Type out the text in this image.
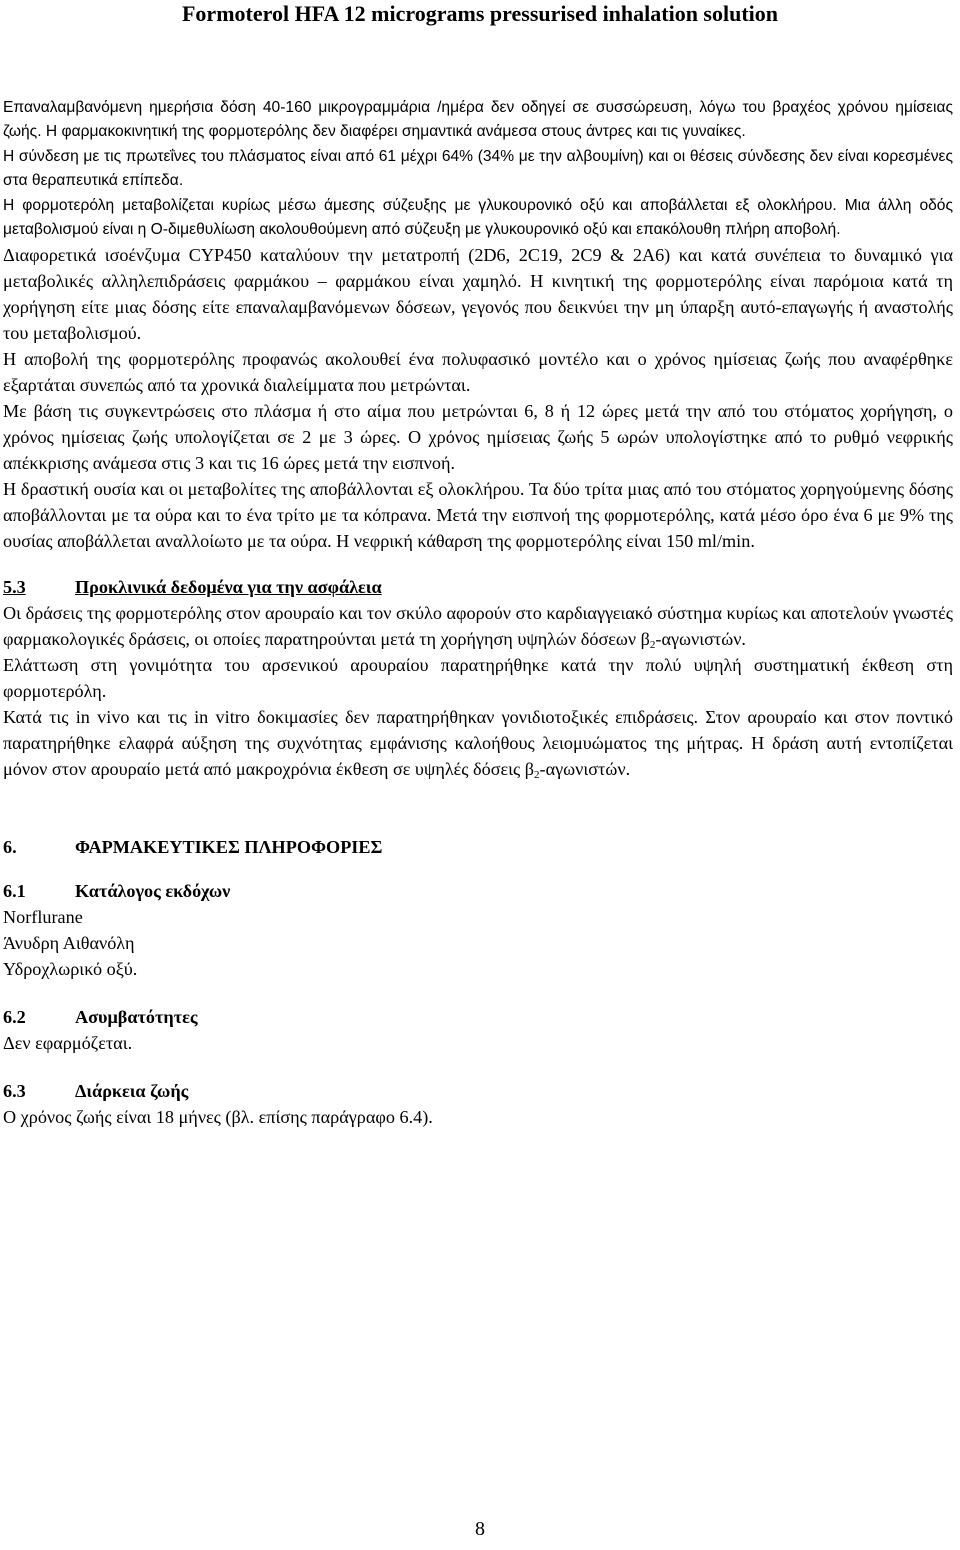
Formoterol HFA 12 micrograms pressurised inhalation solution

Επαναλαμβανόμενη ημερήσια δόση 40-160 μικρογραμμάρια /ημέρα δεν οδηγεί σε συσσώρευση, λόγω του βραχέος χρόνου ημίσειας ζωής. Η φαρμακοκινητική της φορμοτερόλης δεν διαφέρει σημαντικά ανάμεσα στους άντρες και τις γυναίκες.

Η σύνδεση με τις πρωτεΐνες του πλάσματος είναι από 61 μέχρι 64% (34% με την αλβουμίνη) και οι θέσεις σύνδεσης δεν είναι κορεσμένες στα θεραπευτικά επίπεδα.

Η φορμοτερόλη μεταβολίζεται κυρίως μέσω άμεσης σύζευξης με γλυκουρονικό οξύ και αποβάλλεται εξ ολοκλήρου. Μια άλλη οδός μεταβολισμού είναι η Ο-διμεθυλίωση ακολουθούμενη από σύζευξη με γλυκουρονικό οξύ και επακόλουθη πλήρη αποβολή.

Διαφορετικά ισοένζυμα CYP450 καταλύουν την μετατροπή (2D6, 2C19, 2C9 & 2A6) και κατά συνέπεια το δυναμικό για μεταβολικές αλληλεπιδράσεις φαρμάκου – φαρμάκου είναι χαμηλό. Η κινητική της φορμοτερόλης είναι παρόμοια κατά τη χορήγηση είτε μιας δόσης είτε επαναλαμβανόμενων δόσεων, γεγονός που δεικνύει την μη ύπαρξη αυτό-επαγωγής ή αναστολής του μεταβολισμού.

Η αποβολή της φορμοτερόλης προφανώς ακολουθεί ένα πολυφασικό μοντέλο και ο χρόνος ημίσειας ζωής που αναφέρθηκε εξαρτάται συνεπώς από τα χρονικά διαλείμματα που μετρώνται.

Με βάση τις συγκεντρώσεις στο πλάσμα ή στο αίμα που μετρώνται 6, 8 ή 12 ώρες μετά την από του στόματος χορήγηση, ο χρόνος ημίσειας ζωής υπολογίζεται σε 2 με 3 ώρες. Ο χρόνος ημίσειας ζωής 5 ωρών υπολογίστηκε από το ρυθμό νεφρικής απέκκρισης ανάμεσα στις 3 και τις 16 ώρες μετά την εισπνοή.

Η δραστική ουσία και οι μεταβολίτες της αποβάλλονται εξ ολοκλήρου. Τα δύο τρίτα μιας από του στόματος χορηγούμενης δόσης αποβάλλονται με τα ούρα και το ένα τρίτο με τα κόπρανα. Μετά την εισπνοή της φορμοτερόλης, κατά μέσο όρο ένα 6 με 9% της ουσίας αποβάλλεται αναλλοίωτο με τα ούρα. Η νεφρική κάθαρση της φορμοτερόλης είναι 150 ml/min.

5.3	Προκλινικά δεδομένα για την ασφάλεια

Οι δράσεις της φορμοτερόλης στον αρουραίο και τον σκύλο αφορούν στο καρδιαγγειακό σύστημα κυρίως και αποτελούν γνωστές φαρμακολογικές δράσεις, οι οποίες παρατηρούνται μετά τη χορήγηση υψηλών δόσεων $\beta_2$-αγωνιστών.

Ελάττωση στη γονιμότητα του αρσενικού αρουραίου παρατηρήθηκε κατά την πολύ υψηλή συστηματική έκθεση στη φορμοτερόλη.

Κατά τις in vivo και τις in vitro δοκιμασίες δεν παρατηρήθηκαν γονιδιοτοξικές επιδράσεις. Στον αρουραίο και στον ποντικό παρατηρήθηκε ελαφρά αύξηση της συχνότητας εμφάνισης καλοήθους λειομυώματος της μήτρας. Η δράση αυτή εντοπίζεται μόνον στον αρουραίο μετά από μακροχρόνια έκθεση σε υψηλές δόσεις $\beta_2$-αγωνιστών.

6.	ΦΑΡΜΑΚΕΥΤΙΚΕΣ ΠΛΗΡΟΦΟΡΙΕΣ
6.1	Κατάλογος εκδόχων

Norflurane

Άνυδρη Αιθανόλη

Υδροχλωρικό οξύ.

6.2	Ασυμβατότητες

Δεν εφαρμόζεται.

6.3	Διάρκεια ζωής

Ο χρόνος ζωής είναι 18 μήνες (βλ. επίσης παράγραφο 6.4).

8
